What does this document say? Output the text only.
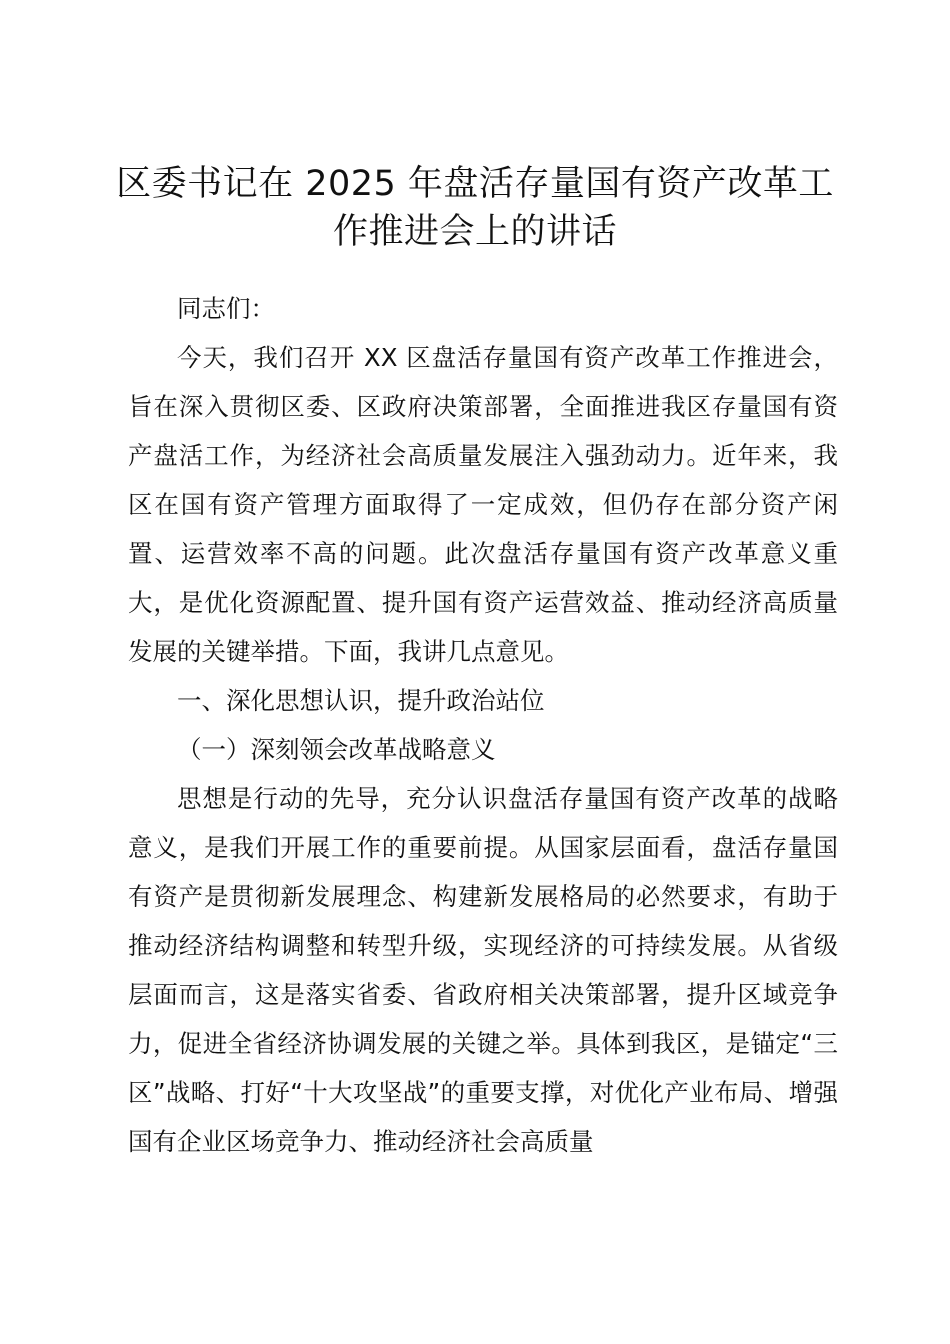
区委书记在 2025 年盘活存量国有资产改革工
作推进会上的讲话

同志们：

今天，我们召开 XX 区盘活存量国有资产改革工作推进会，旨在深入贯彻区委、区政府决策部署，全面推进我区存量国有资产盘活工作，为经济社会高质量发展注入强劲动力。近年来，我区在国有资产管理方面取得了一定成效，但仍存在部分资产闲置、运营效率不高的问题。此次盘活存量国有资产改革意义重大，是优化资源配置、提升国有资产运营效益、推动经济高质量发展的关键举措。下面，我讲几点意见。

一、深化思想认识，提升政治站位

（一）深刻领会改革战略意义

思想是行动的先导，充分认识盘活存量国有资产改革的战略意义，是我们开展工作的重要前提。从国家层面看，盘活存量国有资产是贯彻新发展理念、构建新发展格局的必然要求，有助于推动经济结构调整和转型升级，实现经济的可持续发展。从省级层面而言，这是落实省委、省政府相关决策部署，提升区域竞争力，促进全省经济协调发展的关键之举。具体到我区，是锚定“三区”战略、打好“十大攻坚战”的重要支撑，对优化产业布局、增强国有企业区场竞争力、推动经济社会高质量
